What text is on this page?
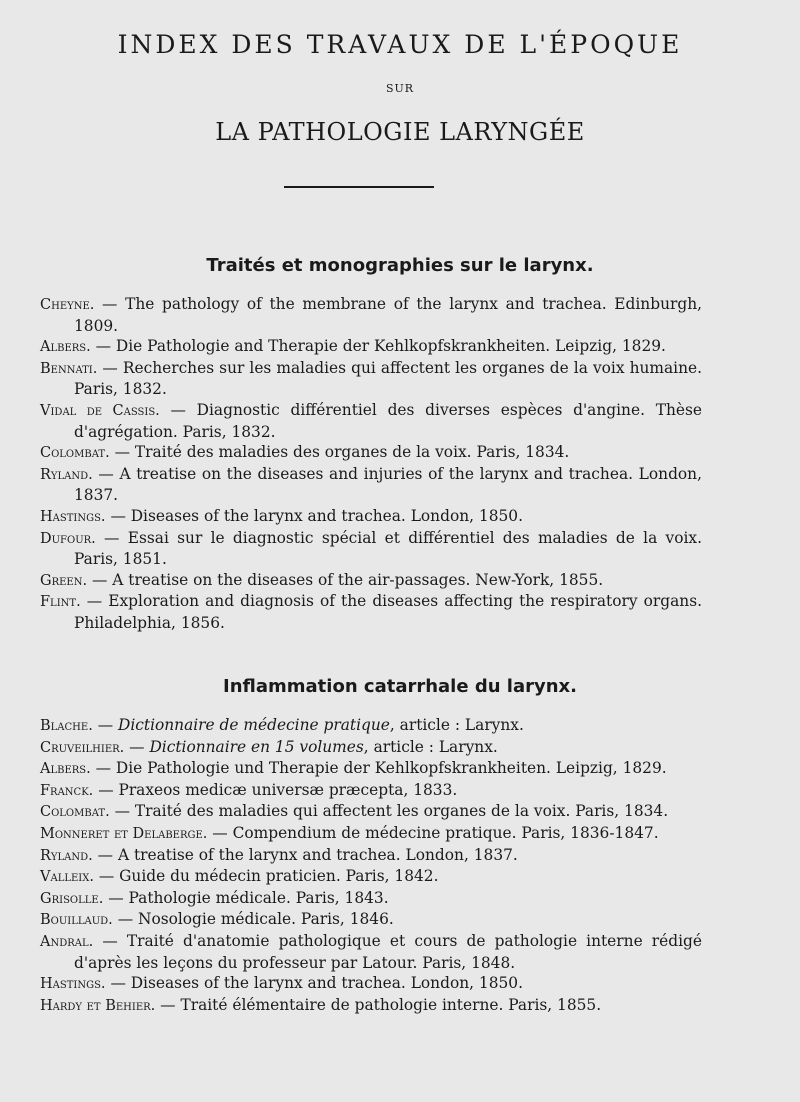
INDEX DES TRAVAUX DE L'ÉPOQUE
SUR
LA PATHOLOGIE LARYNGÉE
Traités et monographies sur le larynx.
Cheyne. — The pathology of the membrane of the larynx and trachea. Edinburgh, 1809.
Albers. — Die Pathologie and Therapie der Kehlkopfskrankheiten. Leipzig, 1829.
Bennati. — Recherches sur les maladies qui affectent les organes de la voix humaine. Paris, 1832.
Vidal de Cassis. — Diagnostic différentiel des diverses espèces d'angine. Thèse d'agrégation. Paris, 1832.
Colombat. — Traité des maladies des organes de la voix. Paris, 1834.
Ryland. — A treatise on the diseases and injuries of the larynx and trachea. London, 1837.
Hastings. — Diseases of the larynx and trachea. London, 1850.
Dufour. — Essai sur le diagnostic spécial et différentiel des maladies de la voix. Paris, 1851.
Green. — A treatise on the diseases of the air-passages. New-York, 1855.
Flint. — Exploration and diagnosis of the diseases affecting the respiratory organs. Philadelphia, 1856.
Inflammation catarrhale du larynx.
Blache. — Dictionnaire de médecine pratique, article : Larynx.
Cruveilhier. — Dictionnaire en 15 volumes, article : Larynx.
Albers. — Die Pathologie und Therapie der Kehlkopfskrankheiten. Leipzig, 1829.
Franck. — Praxeos medicæ universæ præcepta, 1833.
Colombat. — Traité des maladies qui affectent les organes de la voix. Paris, 1834.
Monneret et Delaberge. — Compendium de médecine pratique. Paris, 1836-1847.
Ryland. — A treatise of the larynx and trachea. London, 1837.
Valleix. — Guide du médecin praticien. Paris, 1842.
Grisolle. — Pathologie médicale. Paris, 1843.
Bouillaud. — Nosologie médicale. Paris, 1846.
Andral. — Traité d'anatomie pathologique et cours de pathologie interne rédigé d'après les leçons du professeur par Latour. Paris, 1848.
Hastings. — Diseases of the larynx and trachea. London, 1850.
Hardy et Behier. — Traité élémentaire de pathologie interne. Paris, 1855.
